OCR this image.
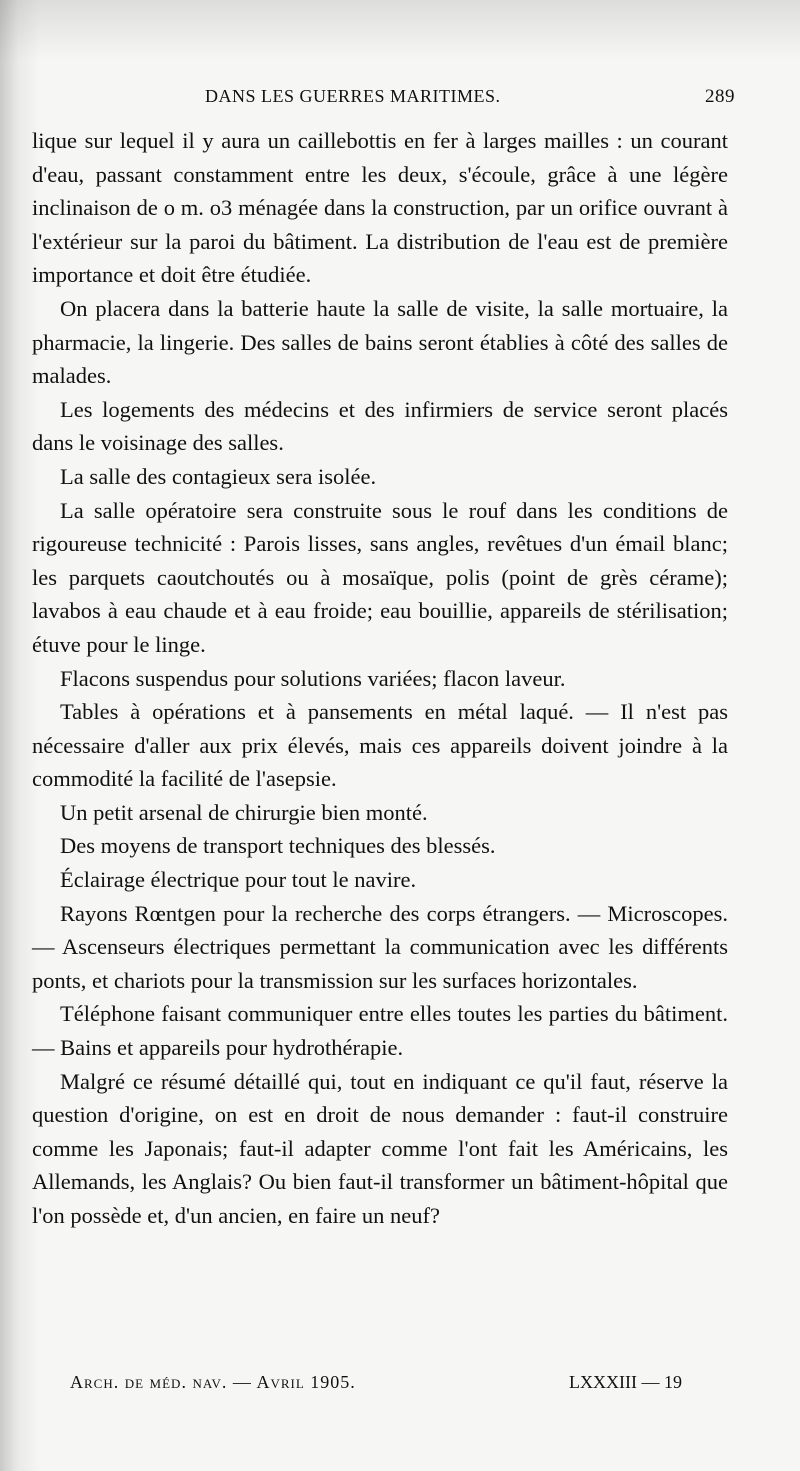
DANS LES GUERRES MARITIMES.	289

lique sur lequel il y aura un caillebottis en fer à larges mailles : un courant d'eau, passant constamment entre les deux, s'écoule, grâce à une légère inclinaison de o m. o3 ménagée dans la construction, par un orifice ouvrant à l'extérieur sur la paroi du bâtiment. La distribution de l'eau est de première importance et doit être étudiée.

On placera dans la batterie haute la salle de visite, la salle mortuaire, la pharmacie, la lingerie. Des salles de bains seront établies à côté des salles de malades.

Les logements des médecins et des infirmiers de service seront placés dans le voisinage des salles.

La salle des contagieux sera isolée.

La salle opératoire sera construite sous le rouf dans les conditions de rigoureuse technicité : Parois lisses, sans angles, revêtues d'un émail blanc; les parquets caoutchoutés ou à mosaïque, polis (point de grès cérame); lavabos à eau chaude et à eau froide; eau bouillie, appareils de stérilisation; étuve pour le linge.

Flacons suspendus pour solutions variées; flacon laveur.

Tables à opérations et à pansements en métal laqué. — Il n'est pas nécessaire d'aller aux prix élevés, mais ces appareils doivent joindre à la commodité la facilité de l'asepsie.

Un petit arsenal de chirurgie bien monté.

Des moyens de transport techniques des blessés.

Éclairage électrique pour tout le navire.

Rayons Rœntgen pour la recherche des corps étrangers. — Microscopes. — Ascenseurs électriques permettant la communication avec les différents ponts, et chariots pour la transmission sur les surfaces horizontales.

Téléphone faisant communiquer entre elles toutes les parties du bâtiment. — Bains et appareils pour hydrothérapie.

Malgré ce résumé détaillé qui, tout en indiquant ce qu'il faut, réserve la question d'origine, on est en droit de nous demander : faut-il construire comme les Japonais; faut-il adapter comme l'ont fait les Américains, les Allemands, les Anglais? Ou bien faut-il transformer un bâtiment-hôpital que l'on possède et, d'un ancien, en faire un neuf?

Arch. de méd. nav. — Avril 1905.	LXXXIII — 19
